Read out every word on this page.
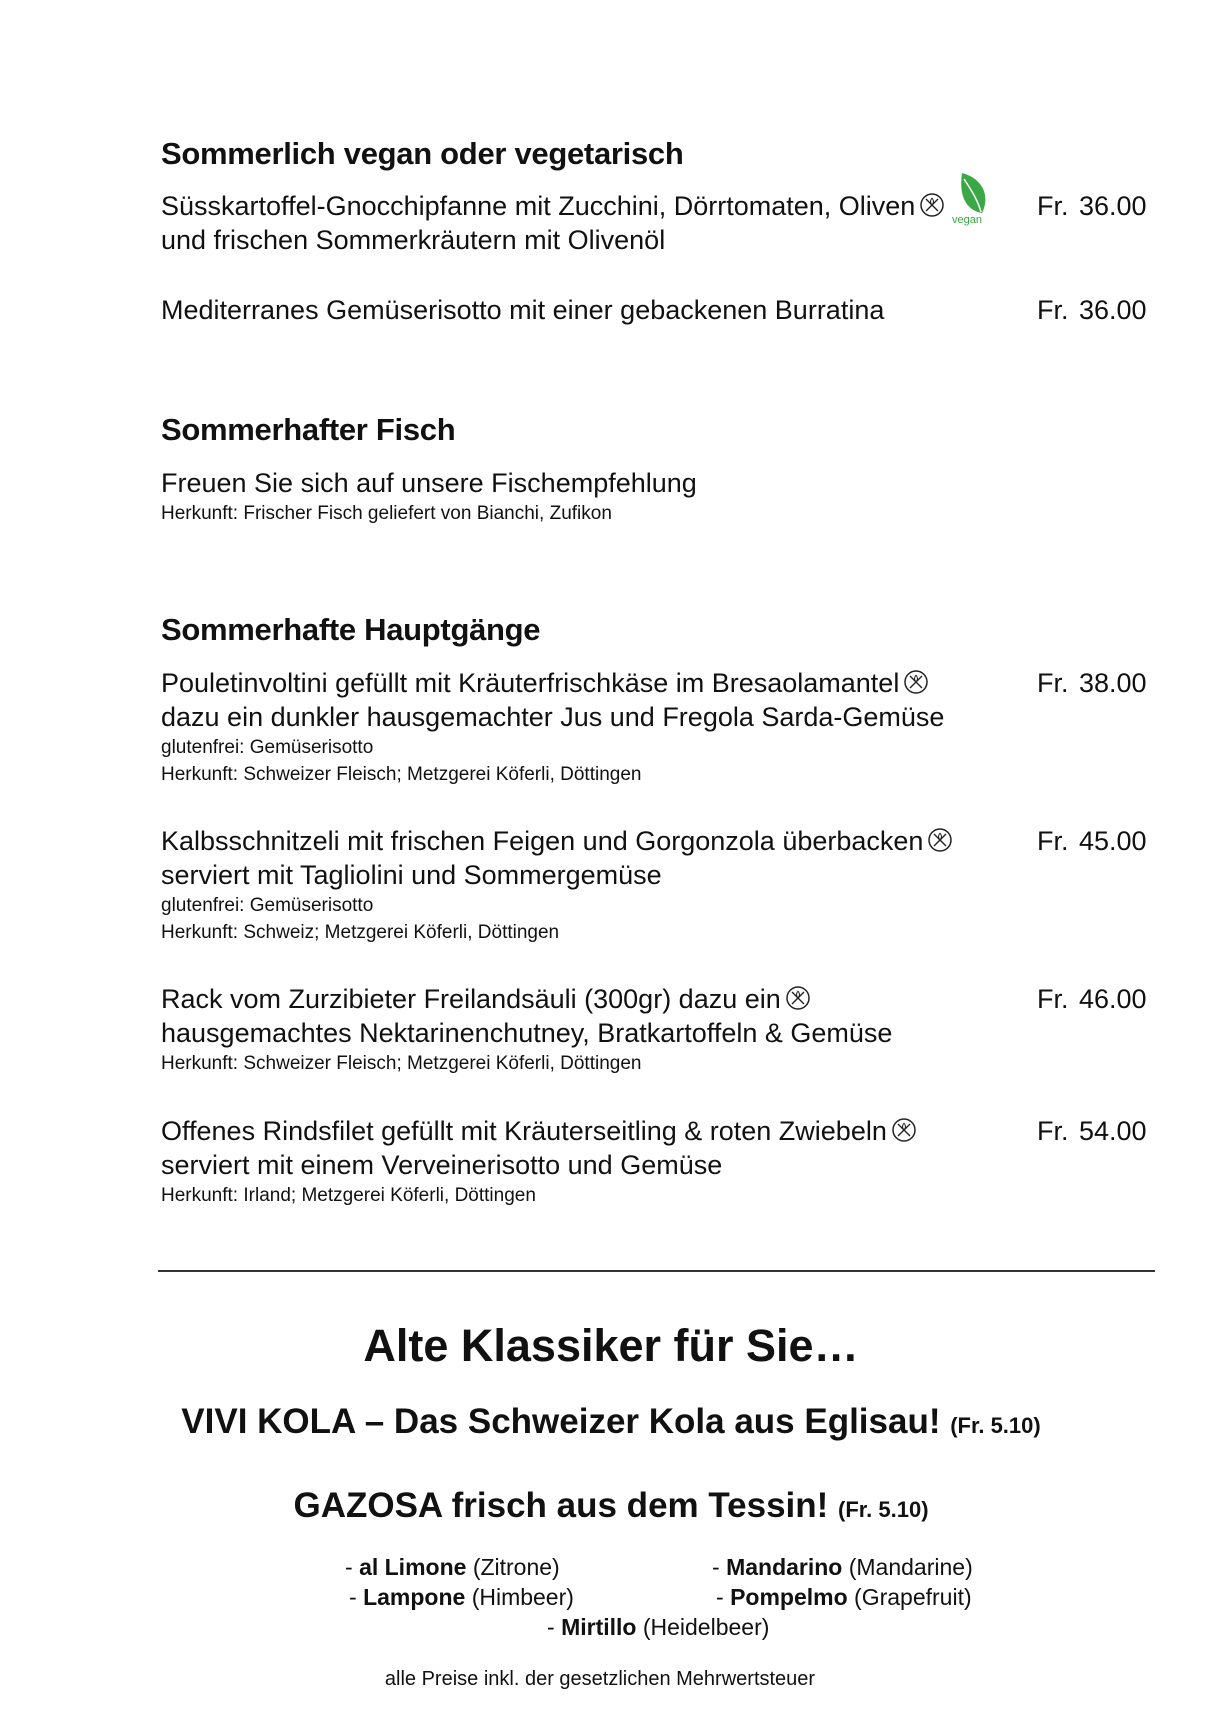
Sommerlich vegan oder vegetarisch
Süsskartoffel-Gnocchipfanne mit Zucchini, Dörrtomaten, Oliven
und frischen Sommerkräutern mit Olivenöl
vegan Fr. 36.00
Mediterranes Gemüserisotto mit einer gebackenen Burratina	Fr. 36.00
Sommerhafter Fisch
Freuen Sie sich auf unsere Fischempfehlung
Herkunft: Frischer Fisch geliefert von Bianchi, Zufikon
Sommerhafte Hauptgänge
Pouletinvoltini gefüllt mit Kräuterfrischkäse im Bresaolamantel
dazu ein dunkler hausgemachter Jus und Fregola Sarda-Gemüse
glutenfrei: Gemüserisotto
Herkunft: Schweizer Fleisch; Metzgerei Köferli, Döttingen
Fr. 38.00
Kalbsschnitzeli mit frischen Feigen und Gorgonzola überbacken
serviert mit Tagliolini und Sommergemüse
glutenfrei: Gemüserisotto
Herkunft: Schweiz; Metzgerei Köferli, Döttingen
Fr. 45.00
Rack vom Zurzibieter Freilandsäuli (300gr) dazu ein
hausgemachtes Nektarinenchutney, Bratkartoffeln & Gemüse
Herkunft: Schweizer Fleisch; Metzgerei Köferli, Döttingen
Fr. 46.00
Offenes Rindsfilet gefüllt mit Kräuterseitling & roten Zwiebeln
serviert mit einem Verveinerisotto und Gemüse
Herkunft: Irland; Metzgerei Köferli, Döttingen
Fr. 54.00
Alte Klassiker für Sie…
VIVI KOLA – Das Schweizer Kola aus Eglisau! (Fr. 5.10)
GAZOSA frisch aus dem Tessin! (Fr. 5.10)
- al Limone (Zitrone)	- Mandarino (Mandarine)
- Lampone (Himbeer)	- Pompelmo (Grapefruit)
- Mirtillo (Heidelbeer)
alle Preise inkl. der gesetzlichen Mehrwertsteuer
